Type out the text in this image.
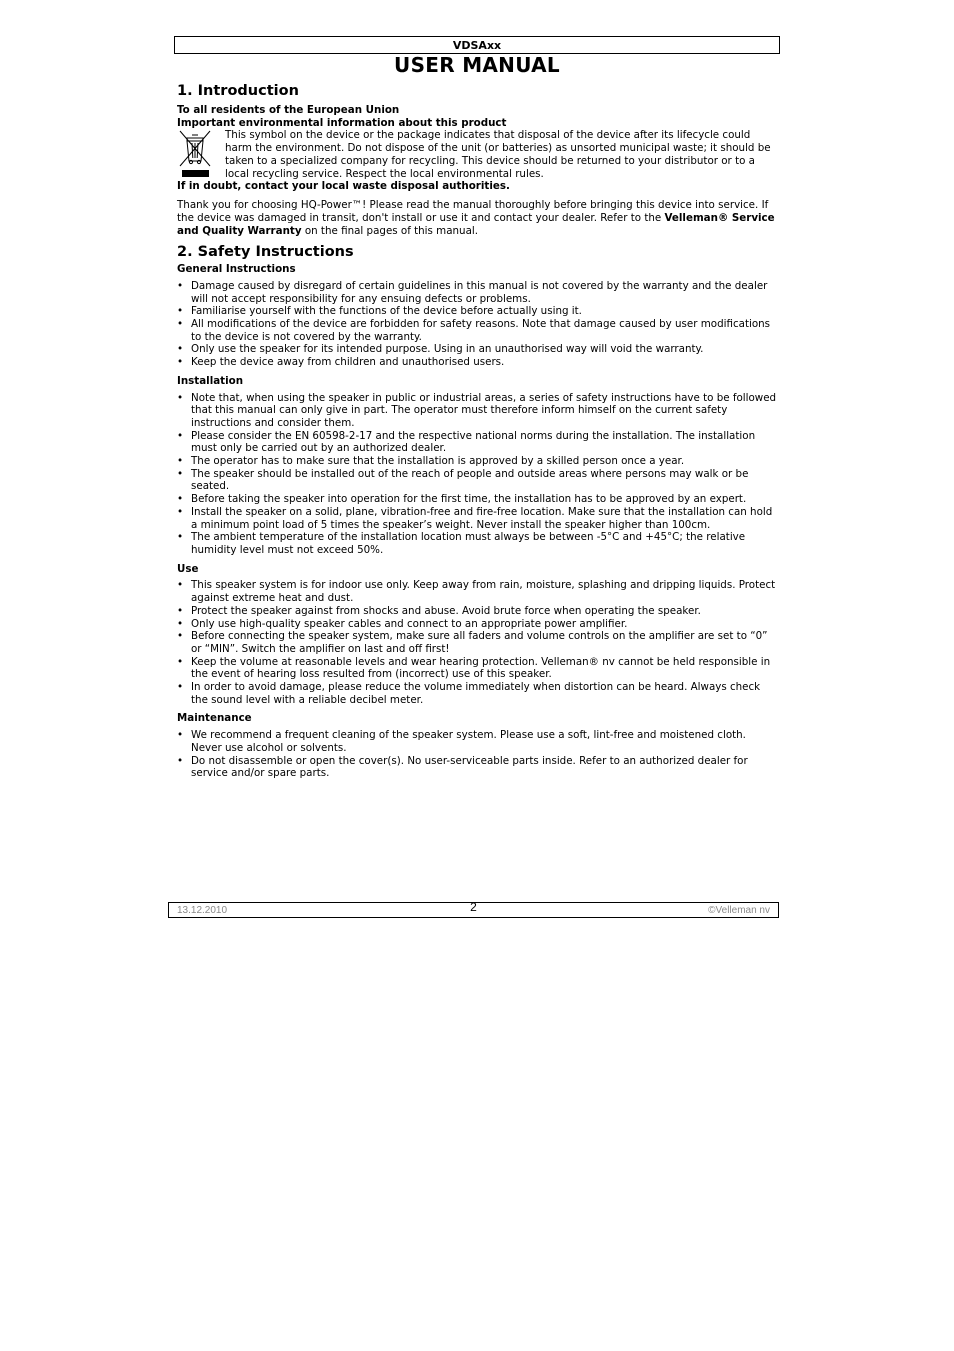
VDSAxx
USER MANUAL
1. Introduction

To all residents of the European Union

Important environmental information about this product

This symbol on the device or the package indicates that disposal of the device after its lifecycle could harm the environment. Do not dispose of the unit (or batteries) as unsorted municipal waste; it should be taken to a specialized company for recycling. This device should be returned to your distributor or to a local recycling service. Respect the local environmental rules.

If in doubt, contact your local waste disposal authorities.

Thank you for choosing HQ-Power™! Please read the manual thoroughly before bringing this device into service. If the device was damaged in transit, don't install or use it and contact your dealer. Refer to the Velleman® Service and Quality Warranty on the final pages of this manual.

2. Safety Instructions

General Instructions

• Damage caused by disregard of certain guidelines in this manual is not covered by the warranty and the dealer will not accept responsibility for any ensuing defects or problems.
• Familiarise yourself with the functions of the device before actually using it.
• All modifications of the device are forbidden for safety reasons. Note that damage caused by user modifications to the device is not covered by the warranty.
• Only use the speaker for its intended purpose. Using in an unauthorised way will void the warranty.
• Keep the device away from children and unauthorised users.

Installation

• Note that, when using the speaker in public or industrial areas, a series of safety instructions have to be followed that this manual can only give in part. The operator must therefore inform himself on the current safety instructions and consider them.
• Please consider the EN 60598-2-17 and the respective national norms during the installation. The installation must only be carried out by an authorized dealer.
• The operator has to make sure that the installation is approved by a skilled person once a year.
• The speaker should be installed out of the reach of people and outside areas where persons may walk or be seated.
• Before taking the speaker into operation for the first time, the installation has to be approved by an expert.
• Install the speaker on a solid, plane, vibration-free and fire-free location. Make sure that the installation can hold a minimum point load of 5 times the speaker’s weight. Never install the speaker higher than 100cm.
• The ambient temperature of the installation location must always be between -5°C and +45°C; the relative humidity level must not exceed 50%.

Use

• This speaker system is for indoor use only. Keep away from rain, moisture, splashing and dripping liquids. Protect against extreme heat and dust.
• Protect the speaker against from shocks and abuse. Avoid brute force when operating the speaker.
• Only use high-quality speaker cables and connect to an appropriate power amplifier.
• Before connecting the speaker system, make sure all faders and volume controls on the amplifier are set to “0” or “MIN”. Switch the amplifier on last and off first!
• Keep the volume at reasonable levels and wear hearing protection. Velleman® nv cannot be held responsible in the event of hearing loss resulted from (incorrect) use of this speaker.
• In order to avoid damage, please reduce the volume immediately when distortion can be heard. Always check the sound level with a reliable decibel meter.

Maintenance

• We recommend a frequent cleaning of the speaker system. Please use a soft, lint-free and moistened cloth. Never use alcohol or solvents.
• Do not disassemble or open the cover(s). No user-serviceable parts inside. Refer to an authorized dealer for service and/or spare parts.
13.12.2010	2	©Velleman nv
